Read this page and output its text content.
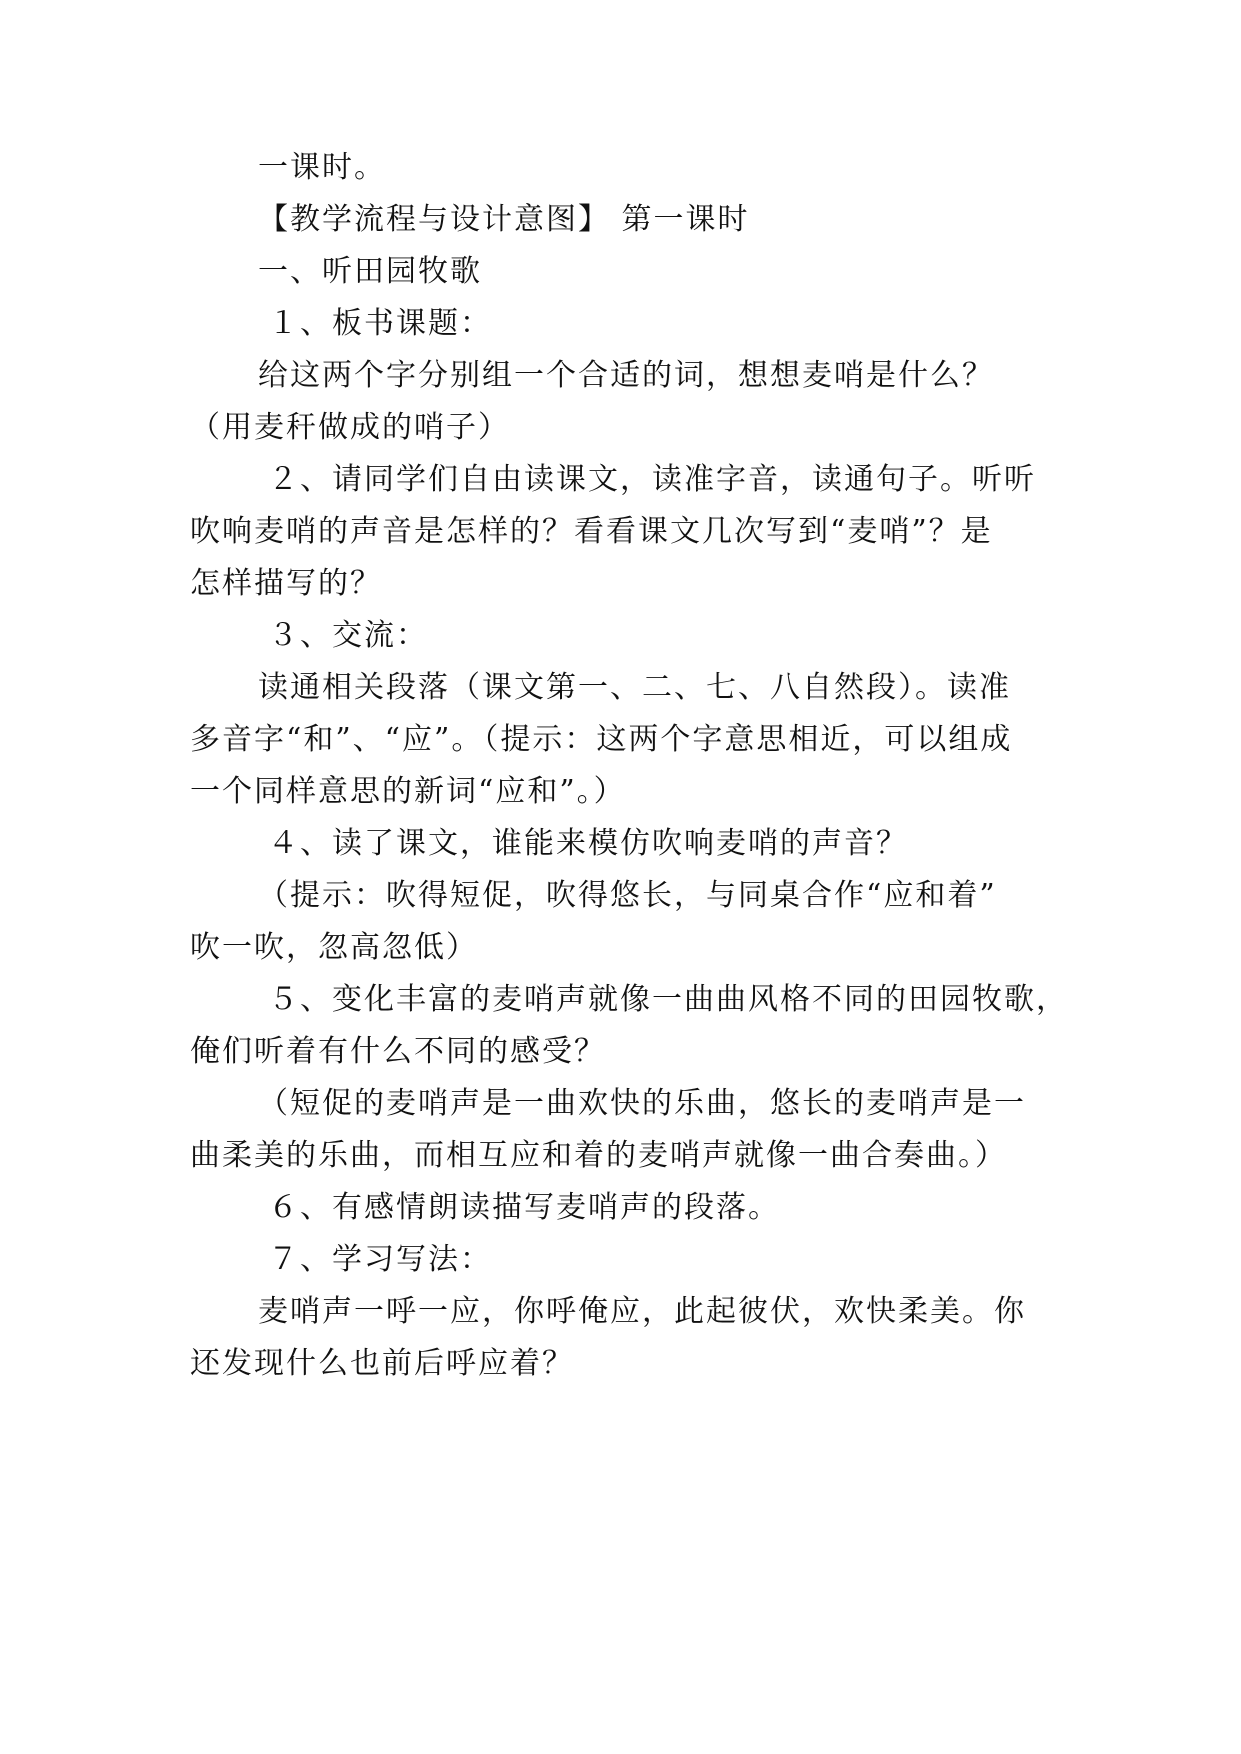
一课时。
【教学流程与设计意图】 第一课时
一、听田园牧歌
１、板书课题：
给这两个字分别组一个合适的词，想想麦哨是什么？
（用麦秆做成的哨子）
２、请同学们自由读课文，读准字音，读通句子。听听
吹响麦哨的声音是怎样的？看看课文几次写到“麦哨”？是
怎样描写的？
３、交流：
读通相关段落（课文第一、二、七、八自然段）。读准
多音字“和”、“应”。（提示：这两个字意思相近，可以组成
一个同样意思的新词“应和”。）
４、读了课文，谁能来模仿吹响麦哨的声音？
（提示：吹得短促，吹得悠长，与同桌合作“应和着”
吹一吹，忽高忽低）
５、变化丰富的麦哨声就像一曲曲风格不同的田园牧歌，
俺们听着有什么不同的感受？
（短促的麦哨声是一曲欢快的乐曲，悠长的麦哨声是一
曲柔美的乐曲，而相互应和着的麦哨声就像一曲合奏曲。）
６、有感情朗读描写麦哨声的段落。
７、学习写法：
麦哨声一呼一应，你呼俺应，此起彼伏，欢快柔美。你
还发现什么也前后呼应着？
